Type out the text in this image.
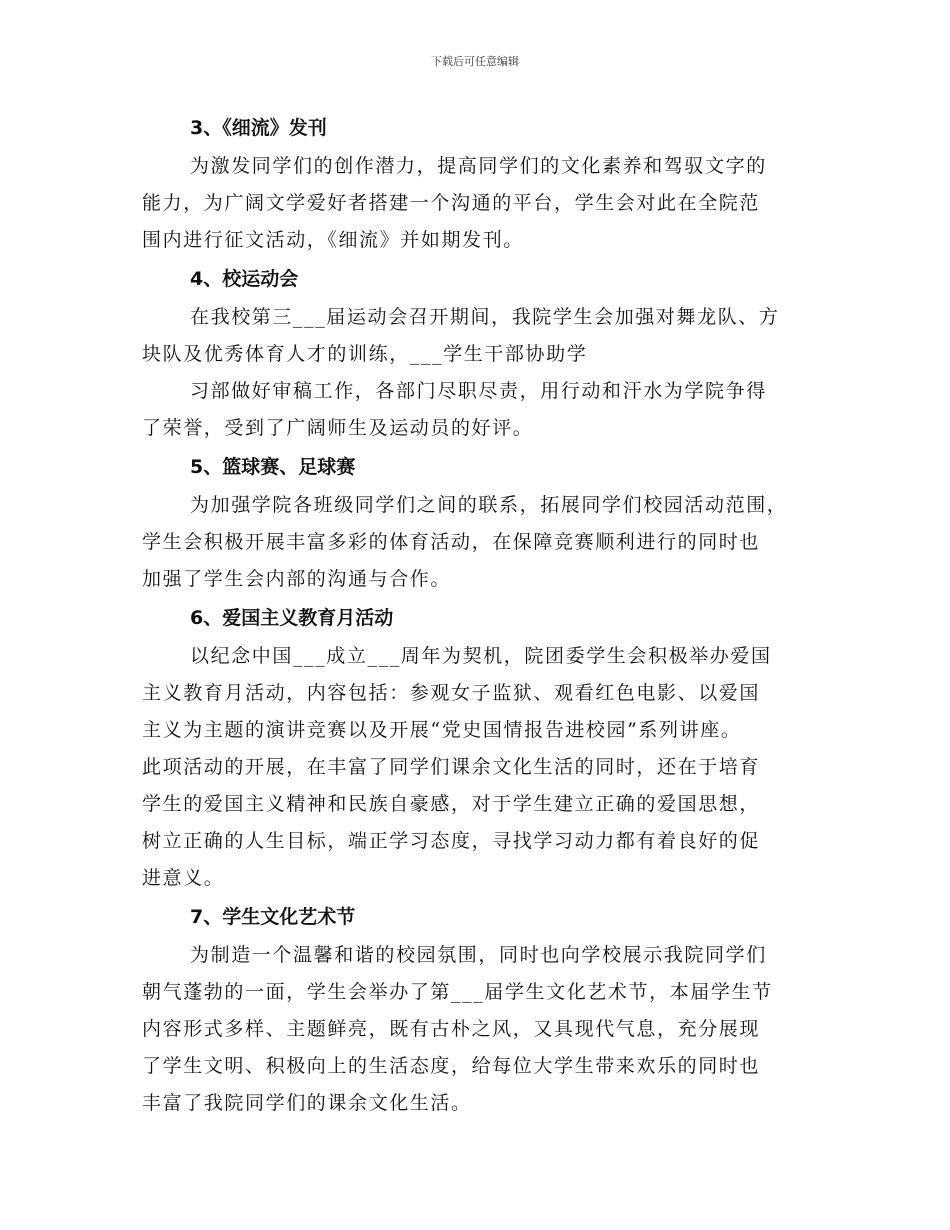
下载后可任意编辑
3、《细流》发刊
为激发同学们的创作潜力，提高同学们的文化素养和驾驭文字的
能力，为广阔文学爱好者搭建一个沟通的平台，学生会对此在全院范
围内进行征文活动，《细流》并如期发刊。
4、校运动会
在我校第三___届运动会召开期间，我院学生会加强对舞龙队、方
块队及优秀体育人才的训练，___学生干部协助学
习部做好审稿工作，各部门尽职尽责，用行动和汗水为学院争得
了荣誉，受到了广阔师生及运动员的好评。
5、篮球赛、足球赛
为加强学院各班级同学们之间的联系，拓展同学们校园活动范围，
学生会积极开展丰富多彩的体育活动，在保障竞赛顺利进行的同时也
加强了学生会内部的沟通与合作。
6、爱国主义教育月活动
以纪念中国___成立___周年为契机，院团委学生会积极举办爱国
主义教育月活动，内容包括：参观女子监狱、观看红色电影、以爱国
主义为主题的演讲竞赛以及开展“党史国情报告进校园”系列讲座。
此项活动的开展，在丰富了同学们课余文化生活的同时，还在于培育
学生的爱国主义精神和民族自豪感，对于学生建立正确的爱国思想，
树立正确的人生目标，端正学习态度，寻找学习动力都有着良好的促
进意义。
7、学生文化艺术节
为制造一个温馨和谐的校园氛围，同时也向学校展示我院同学们
朝气蓬勃的一面，学生会举办了第___届学生文化艺术节，本届学生节
内容形式多样、主题鲜亮，既有古朴之风，又具现代气息，充分展现
了学生文明、积极向上的生活态度，给每位大学生带来欢乐的同时也
丰富了我院同学们的课余文化生活。
